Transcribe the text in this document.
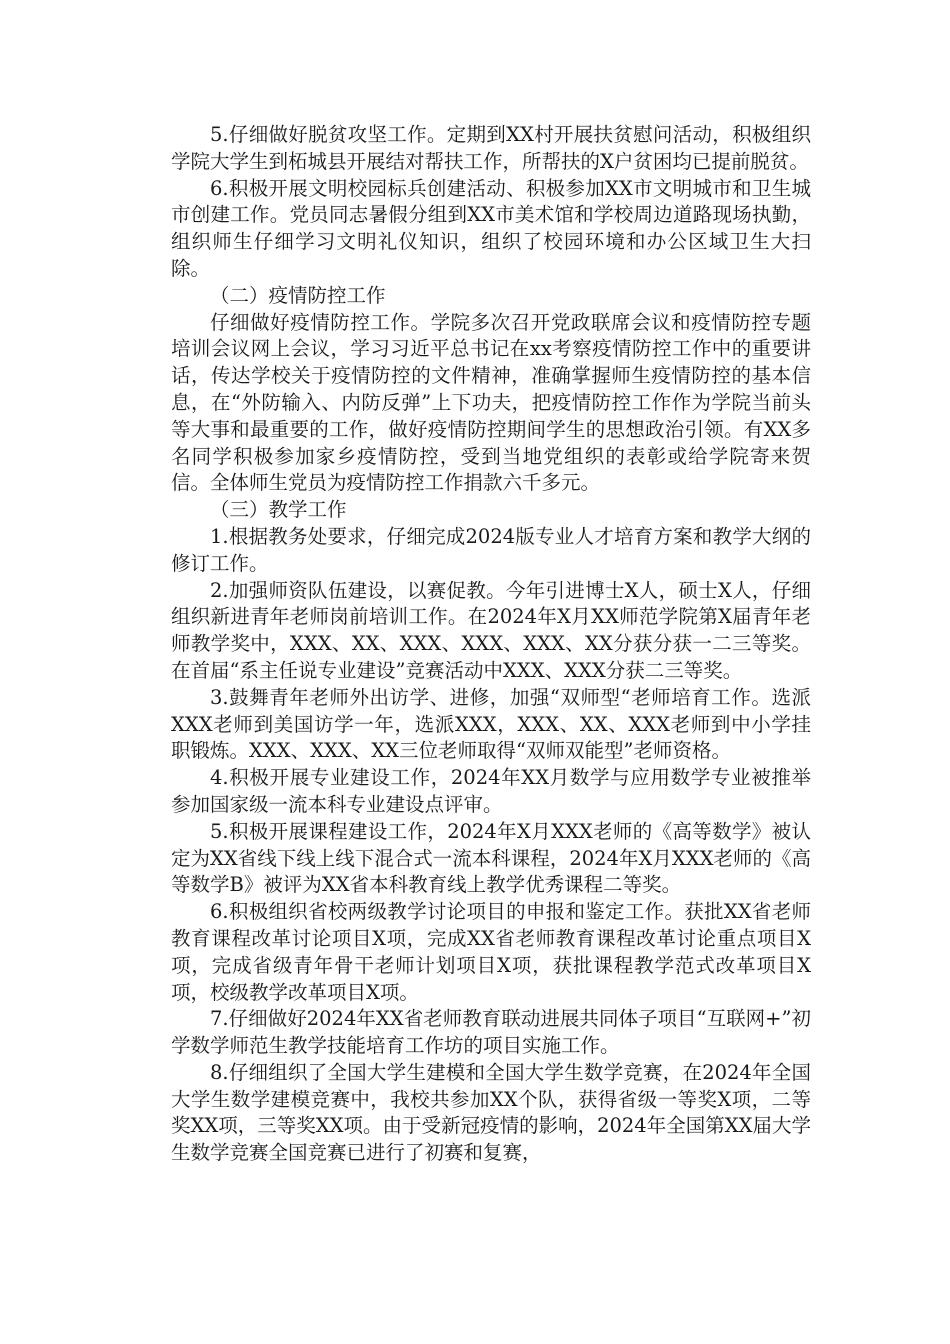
5.仔细做好脱贫攻坚工作。定期到XX村开展扶贫慰问活动，积极组织学院大学生到柘城县开展结对帮扶工作，所帮扶的X户贫困均已提前脱贫。

6.积极开展文明校园标兵创建活动、积极参加XX市文明城市和卫生城市创建工作。党员同志暑假分组到XX市美术馆和学校周边道路现场执勤，组织师生仔细学习文明礼仪知识，组织了校园环境和办公区域卫生大扫除。

（二）疫情防控工作

仔细做好疫情防控工作。学院多次召开党政联席会议和疫情防控专题培训会议网上会议，学习习近平总书记在xx考察疫情防控工作中的重要讲话，传达学校关于疫情防控的文件精神，准确掌握师生疫情防控的基本信息，在“外防输入、内防反弹”上下功夫，把疫情防控工作作为学院当前头等大事和最重要的工作，做好疫情防控期间学生的思想政治引领。有XX多名同学积极参加家乡疫情防控，受到当地党组织的表彰或给学院寄来贺信。全体师生党员为疫情防控工作捐款六千多元。

（三）教学工作

1.根据教务处要求，仔细完成2024版专业人才培育方案和教学大纲的修订工作。

2.加强师资队伍建设，以赛促教。今年引进博士X人，硕士X人，仔细组织新进青年老师岗前培训工作。在2024年X月XX师范学院第X届青年老师教学奖中，XXX、XX、XXX、XXX、XXX、XX分获分获一二三等奖。在首届“系主任说专业建设”竞赛活动中XXX、XXX分获二三等奖。

3.鼓舞青年老师外出访学、进修，加强“双师型“老师培育工作。选派XXX老师到美国访学一年，选派XXX，XXX、XX、XXX老师到中小学挂职锻炼。XXX、XXX、XX三位老师取得“双师双能型”老师资格。

4.积极开展专业建设工作，2024年XX月数学与应用数学专业被推举参加国家级一流本科专业建设点评审。

5.积极开展课程建设工作，2024年X月XXX老师的《高等数学》被认定为XX省线下线上线下混合式一流本科课程，2024年X月XXX老师的《高等数学B》被评为XX省本科教育线上教学优秀课程二等奖。

6.积极组织省校两级教学讨论项目的申报和鉴定工作。获批XX省老师教育课程改革讨论项目X项，完成XX省老师教育课程改革讨论重点项目X项，完成省级青年骨干老师计划项目X项，获批课程教学范式改革项目X项，校级教学改革项目X项。

7.仔细做好2024年XX省老师教育联动进展共同体子项目“互联网+”初学数学师范生教学技能培育工作坊的项目实施工作。

8.仔细组织了全国大学生建模和全国大学生数学竞赛，在2024年全国大学生数学建模竞赛中，我校共参加XX个队，获得省级一等奖X项，二等奖XX项，三等奖XX项。由于受新冠疫情的影响，2024年全国第XX届大学生数学竞赛全国竞赛已进行了初赛和复赛，
